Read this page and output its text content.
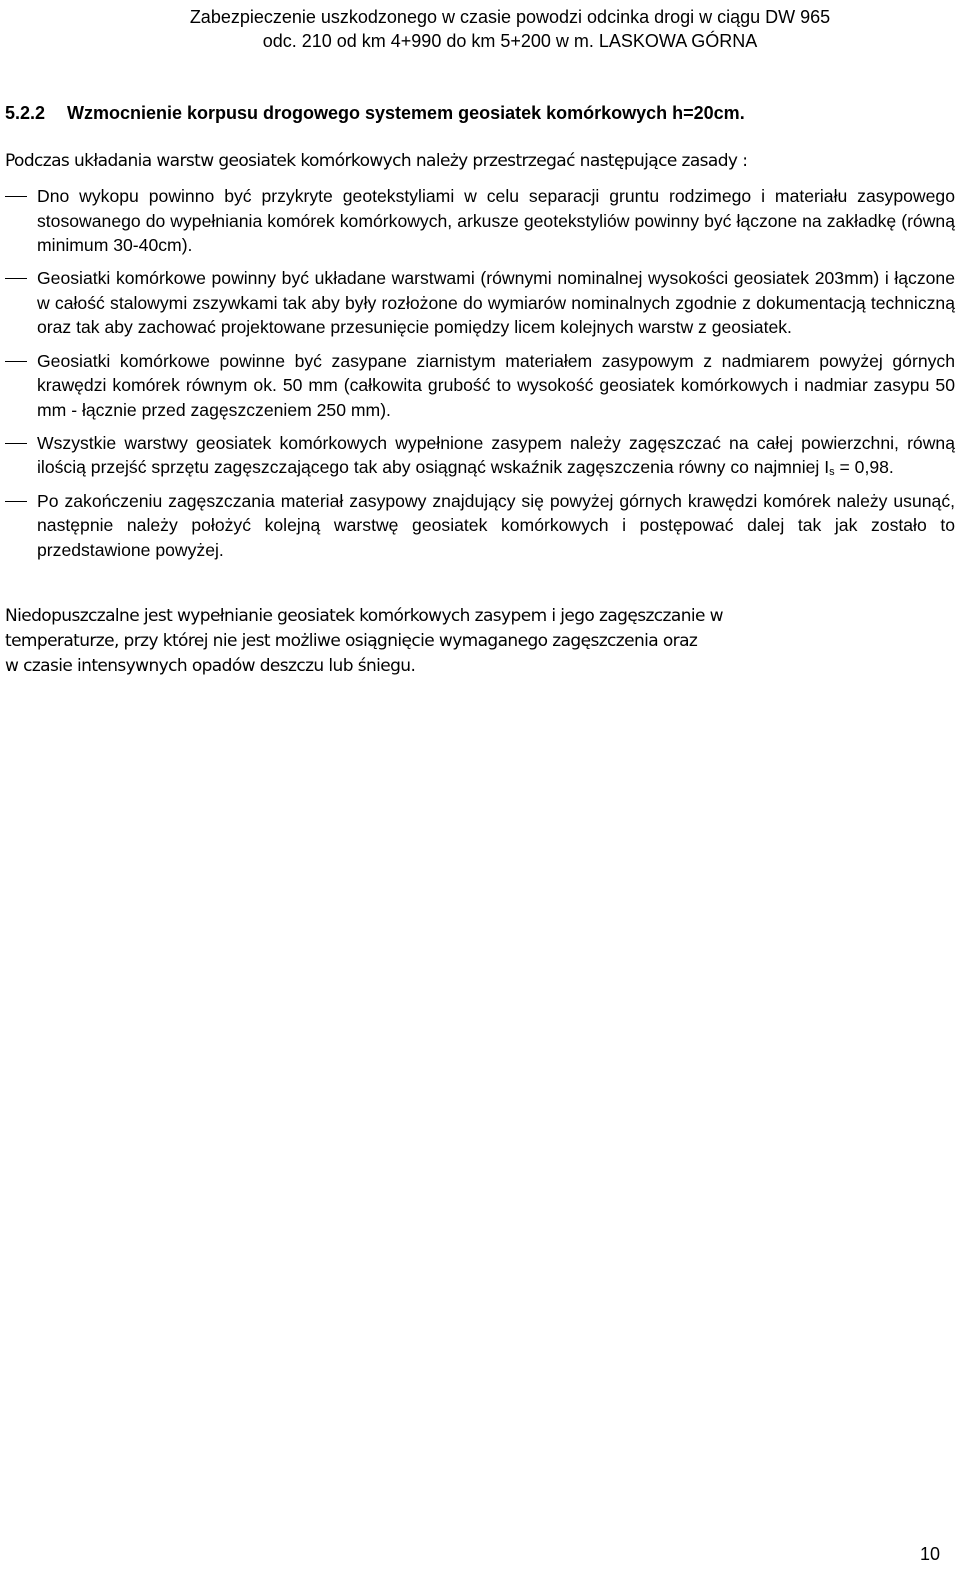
Zabezpieczenie uszkodzonego w czasie powodzi odcinka drogi w ciągu DW 965
odc. 210 od km 4+990 do km 5+200 w m. LASKOWA GÓRNA
5.2.2 Wzmocnienie korpusu drogowego systemem geosiatek komórkowych h=20cm.
Podczas układania warstw geosiatek komórkowych należy przestrzegać następujące zasady :
Dno wykopu powinno być przykryte geotekstyliami w celu separacji gruntu rodzimego i materiału zasypowego stosowanego do wypełniania komórek komórkowych, arkusze geotekstyliów powinny być łączone na zakładkę (równą minimum 30-40cm).
Geosiatki komórkowe powinny być układane warstwami (równymi nominalnej wysokości geosiatek 203mm) i łączone w całość stalowymi zszywkami tak aby były rozłożone do wymiarów nominalnych zgodnie z dokumentacją techniczną oraz tak aby zachować projektowane przesunięcie pomiędzy licem kolejnych warstw z geosiatek.
Geosiatki komórkowe powinne być zasypane ziarnistym materiałem zasypowym z nadmiarem powyżej górnych krawędzi komórek równym ok. 50 mm (całkowita grubość to wysokość geosiatek komórkowych i nadmiar zasypu 50 mm - łącznie przed zagęszczeniem 250 mm).
Wszystkie warstwy geosiatek komórkowych wypełnione zasypem należy zagęszczać na całej powierzchni, równą ilością przejść sprzętu zagęszczającego tak aby osiągnąć wskaźnik zagęszczenia równy co najmniej $I_s = 0,98$.
Po zakończeniu zagęszczania materiał zasypowy znajdujący się powyżej górnych krawędzi komórek należy usunąć, następnie należy położyć kolejną warstwę geosiatek komórkowych i postępować dalej tak jak zostało to przedstawione powyżej.
Niedopuszczalne jest wypełnianie geosiatek komórkowych zasypem i jego zagęszczanie w
temperaturze, przy której nie jest możliwe osiągnięcie wymaganego zagęszczenia oraz
w czasie intensywnych opadów deszczu lub śniegu.
10
